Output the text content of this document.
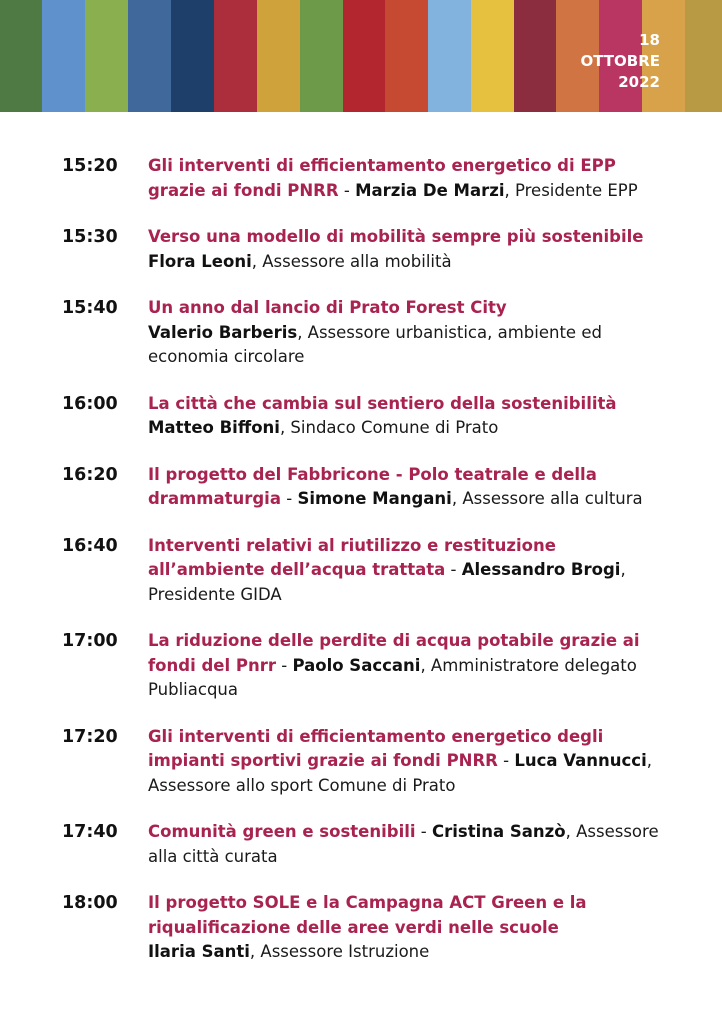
18
OTTOBRE
2022
15:20	Gli interventi di efficientamento energetico di EPP grazie ai fondi PNRR - Marzia De Marzi, Presidente EPP
15:30	Verso una modello di mobilità sempre più sostenibile
Flora Leoni, Assessore alla mobilità
15:40	Un anno dal lancio di Prato Forest City
Valerio Barberis, Assessore urbanistica, ambiente ed economia circolare
16:00	La città che cambia sul sentiero della sostenibilità
Matteo Biffoni, Sindaco Comune di Prato
16:20	Il progetto del Fabbricone - Polo teatrale e della drammaturgia - Simone Mangani, Assessore alla cultura
16:40	Interventi relativi al riutilizzo e restituzione all’ambiente dell’acqua trattata - Alessandro Brogi, Presidente GIDA
17:00	La riduzione delle perdite di acqua potabile grazie ai fondi del Pnrr - Paolo Saccani, Amministratore delegato Publiacqua
17:20	Gli interventi di efficientamento energetico degli impianti sportivi grazie ai fondi PNRR - Luca Vannucci, Assessore allo sport Comune di Prato
17:40	Comunità green e sostenibili - Cristina Sanzò, Assessore alla città curata
18:00	Il progetto SOLE e la Campagna ACT Green e la riqualificazione delle aree verdi nelle scuole
Ilaria Santi, Assessore Istruzione
